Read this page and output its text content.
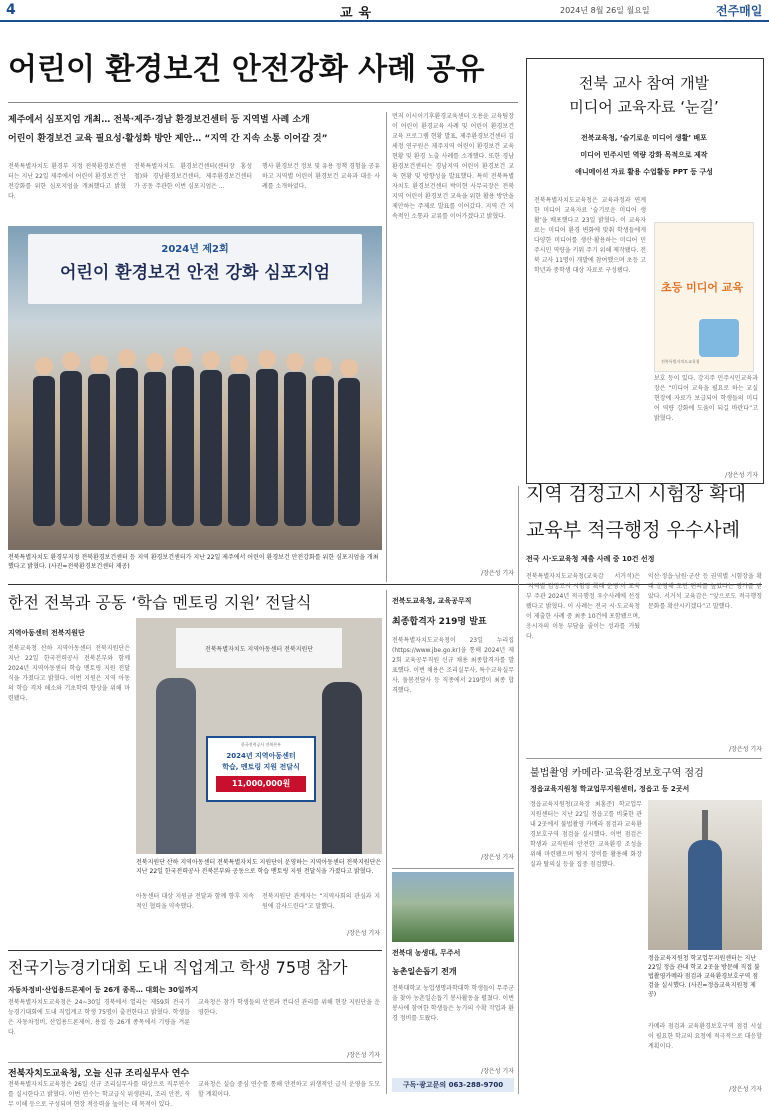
4	교육	2024년 8월 26일 월요일	전주매일
어린이 환경보건 안전강화 사례 공유
제주에서 심포지엄 개최… 전북·제주·경남 환경보건센터 등 지역별 사례 소개
어린이 환경보건 교육 필요성·활성화 방안 제안… “지역 간 지속 소통 이어갈 것”
전북특별자치도 환경부 지정 전북환경보건센터는 지난 22일 제주에서 어린이 환경보건 안전강화를 위한 심포지엄을 개최했다고 밝혔다.
전북특별자치도 환경보건센터(센터장 홍성철)와 경남환경보건센터, 제주환경보건센터가 공동 주관한 이번 심포지엄은 ...
행사 환경보건 정보 및 유용 정책 경험을 공유하고 지역별 어린이 환경보건 교육과 대응 사례를 소개하였다.
2024년 제2회
어린이 환경보건 안전 강화 심포지엄
전북특별자치도 환경부지정 전북환경보건센터 등 지역 환경보건센터가 지난 22일 제주에서 어린이 환경보건 안전강화를 위한 심포지엄을 개최했다고 밝혔다. (사진=전북환경보건센터 제공)
먼저 이시이기후환경교육센터 오용윤 교육팀장이 어린이 환경교육 사례 및 어린이 환경보건 교육 프로그램 현황 발표, 제주환경보건센터 김세정 연구원은 제주지역 어린이 환경보건 교육 현황 및 환경 노출 사례를 소개했다. 또한 경남환경보건센터는 경남지역 어린이 환경보건 교육 현황 및 방향성을 발표했다. 특히 전북특별자치도 환경보건센터 박미현 사무국장은 전북지역 어린이 환경보건 교육을 위한 활용 방안을 제안하는 주제로 발표를 이어갔다. 지역 간 지속적인 소통과 교류를 이어가겠다고 밝혔다.
/장은성 기자
전북 교사 참여 개발
미디어 교육자료 ‘눈길’
전북교육청, ‘슬기로운 미디어 생활’ 배포
미디어 민주시민 역량 강화 목적으로 제작
애니메이션 자료 활용 수업활동 PPT 등 구성
전북특별자치도교육청은 교육과정과 연계한 미디어 교육자료 ‘슬기로운 미디어 생활’을 배포했다고 23일 밝혔다. 이 교육자료는 미디어 환경 변화에 맞춰 학생들에게 다양한 미디어를 생산·활용하는 미디어 민주시민 역량을 키워 주기 위해 제작됐다. 전북 교사 11명이 개발에 참여했으며 초등 고학년과 중학생 대상 자료로 구성됐다.
초등 미디어 교육
전북특별자치도교육청
보호 등이 있다. 강지주 민주시민교육과장은 “미디어 교육을 필요로 하는 교실 현장에 자료가 보급되어 학생들의 미디어 역량 강화에 도움이 되길 바란다”고 밝혔다.
/장은성 기자
한전 전북과 공동 ‘학습 멘토링 지원’ 전달식
지역아동센터 전북지원단
전북교육청 산하 지역아동센터 전북지원단은 지난 22일 한국전력공사 전북본부와 함께 2024년 지역아동센터 학습 멘토링 지원 전달식을 가졌다고 밝혔다. 이번 지원은 지역 아동의 학습 격차 해소와 기초학력 향상을 위해 마련됐다.
전북특별자치도 지역아동센터 전북지원단
한국전력공사 전북본부
2024년 지역아동센터
학습, 멘토링 지원 전달식
11,000,000원
전북지원단 산하 지역아동센터 전북특별자치도 지원단이 운영하는 지역아동센터 전북지원단은 지난 22일 한국전력공사 전북본부와 공동으로 학습 멘토링 지원 전달식을 가졌다고 밝혔다.
아동센터 대상 지원금 전달과 함께 향후 지속적인 협력을 약속했다.
전북지원단 관계자는 “지역사회의 관심과 지원에 감사드린다”고 말했다.
/장은성 기자
전북도교육청, 교육공무직
최종합격자 219명 발표
전북특별자치도교육청이 23일 누리집(https://www.jbe.go.kr)을 통해 2024년 제2회 교육공무직원 신규 채용 최종합격자를 발표했다. 이번 채용은 조리실무사, 특수교육실무사, 돌봄전담사 등 직종에서 219명이 최종 합격했다.
/장은성 기자
지역 검정고시 시험장 확대
교육부 적극행정 우수사례
전국 시·도교육청 제출 사례 중 10건 선정
전북특별자치도교육청(교육감 서거석)은 ‘지역별 검정고시 시험장 확대 운영’이 교육부 주관 2024년 적극행정 우수사례에 선정됐다고 밝혔다. 이 사례는 전국 시·도교육청이 제출한 사례 중 최종 10건에 포함됐으며, 응시자의 이동 부담을 줄이는 성과를 거뒀다.
익산·정읍·남원·군산 등 권역별 시험장을 확대 운영해 도민 편의를 높였다는 평가를 받았다. 서거석 교육감은 “앞으로도 적극행정 문화를 확산시키겠다”고 말했다.
/장은성 기자
불법촬영 카메라·교육환경보호구역 점검
정읍교육지원청 학교업무지원센터, 정읍고 등 2곳서
정읍교육지원청(교육장 최홍준) 학교업무지원센터는 지난 22일 정읍고를 비롯한 관내 2곳에서 불법촬영 카메라 점검과 교육환경보호구역 점검을 실시했다. 이번 점검은 학생과 교직원의 안전한 교육환경 조성을 위해 마련됐으며 탐지 장비를 활용해 화장실과 탈의실 등을 집중 점검했다.
정읍교육지원청 학교업무지원센터는 지난 22일 정읍 관내 학교 2곳을 방문해 직접 불법촬영카메라 점검과 교육환경보호구역 점검을 실시했다. (사진=정읍교육지원청 제공)
카메라 점검과 교육환경보호구역 점검 시설이 필요한 학교의 요청에 적극적으로 대응할 계획이다.
/장은성 기자
전국기능경기대회 도내 직업계고 학생 75명 참가
자동차정비·산업용드론제어 등 26개 종목… 대회는 30일까지
전북특별자치도교육청은 24~30일 경북에서 열리는 제59회 전국기능경기대회에 도내 직업계고 학생 75명이 출전한다고 밝혔다. 학생들은 자동차정비, 산업용드론제어, 용접 등 26개 종목에서 기량을 겨룬다.
교육청은 참가 학생들의 안전과 컨디션 관리를 위해 현장 지원단을 운영한다.
/장은성 기자
전북대 농생대, 무주서
농촌일손돕기 전개
전북대학교 농업생명과학대학 학생들이 무주군을 찾아 농촌일손돕기 봉사활동을 펼쳤다. 이번 봉사에 참여한 학생들은 농가의 수확 작업과 환경 정비를 도왔다.
/장은성 기자
구독·광고문의 063-288-9700
전북자치도교육청, 오늘 신규 조리실무사 연수
전북특별자치도교육청은 26일 신규 조리실무사를 대상으로 직무연수를 실시한다고 밝혔다. 이번 연수는 학교급식 위생관리, 조리 안전, 직무 이해 등으로 구성되며 현장 적응력을 높이는 데 목적이 있다.
교육청은 실습 중심 연수를 통해 안전하고 위생적인 급식 운영을 도모할 계획이다.
